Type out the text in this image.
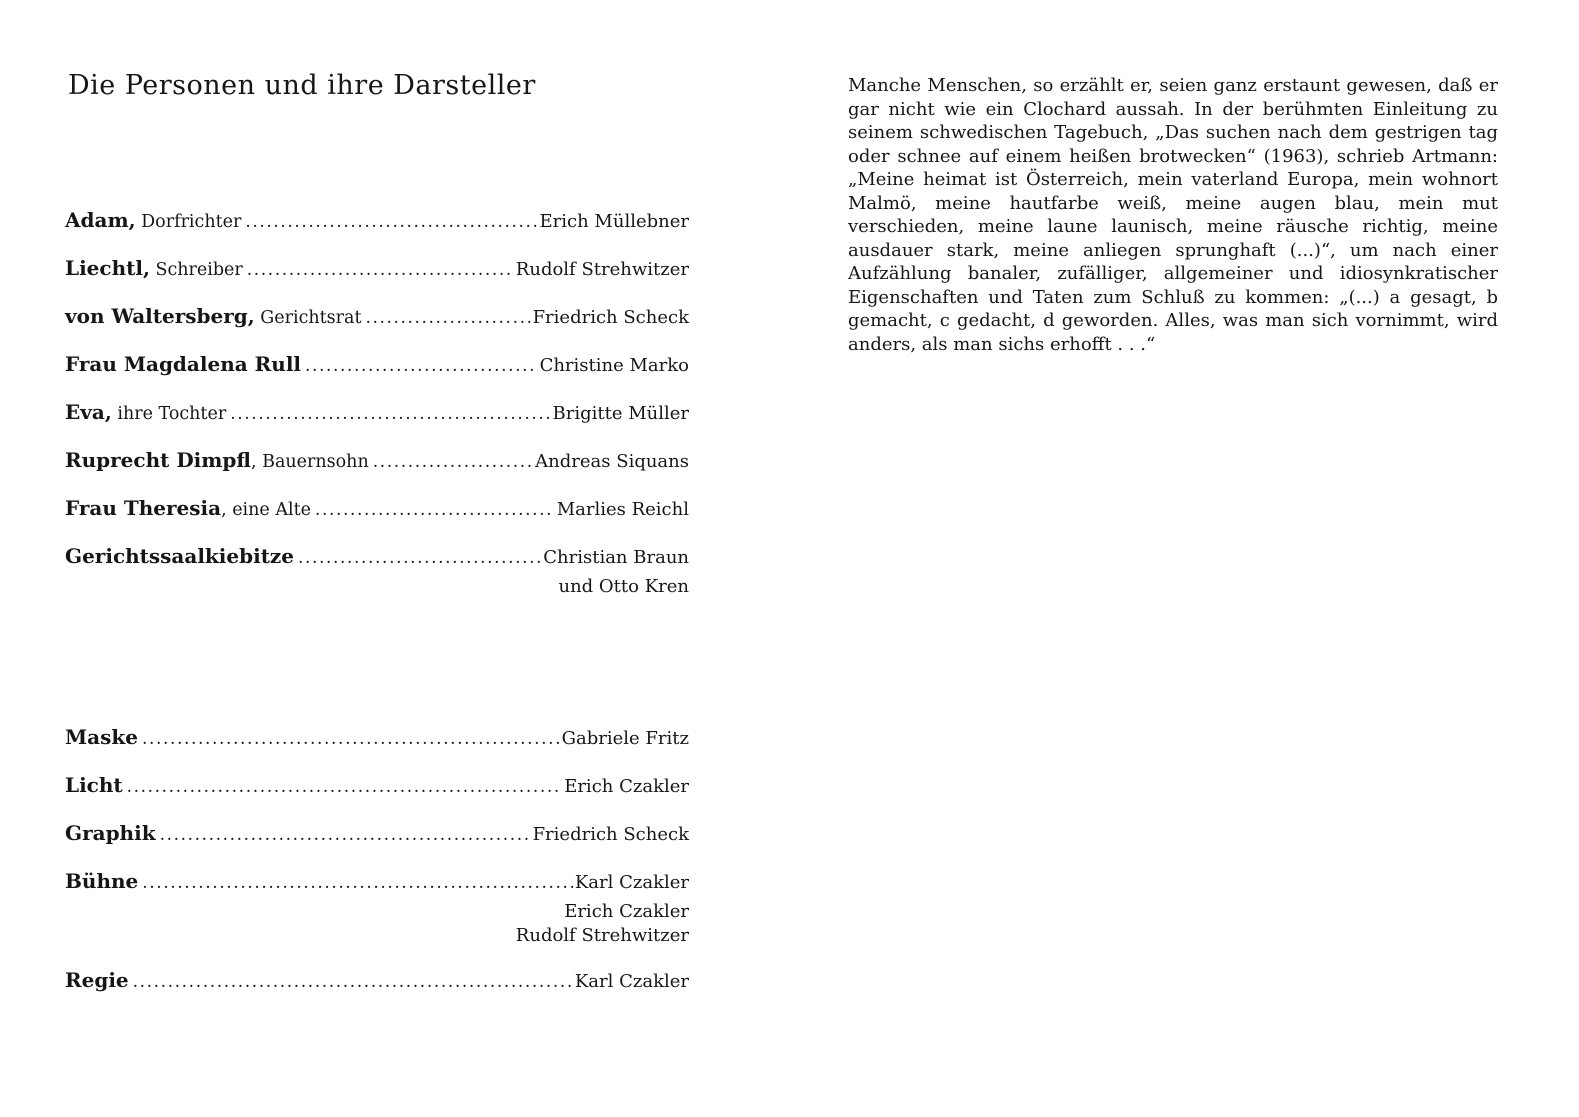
Die Personen und ihre Darsteller
Adam, Dorfrichter .....	Erich Müllebner
Liechtl, Schreiber .....	Rudolf Strehwitzer
von Waltersberg, Gerichtsrat .....	Friedrich Scheck
Frau Magdalena Rull .....	Christine Marko
Eva, ihre Tochter .....	Brigitte Müller
Ruprecht Dimpfl , Bauernsohn .....	Andreas Siquans
Frau Theresia , eine Alte .....	Marlies Reichl
Gerichtssaalkiebitze .....	Christian Braun
und Otto Kren
Maske .....	Gabriele Fritz
Licht .....	Erich Czakler
Graphik .....	Friedrich Scheck
Bühne .....	Karl Czakler
Erich Czakler
Rudolf Strehwitzer
Regie .....	Karl Czakler
Manche Menschen, so erzählt er, seien ganz erstaunt gewesen, daß er
gar nicht wie ein Clochard aussah. In der berühmten Einleitung zu
seinem schwedischen Tagebuch, „Das suchen nach dem gestrigen tag
oder schnee auf einem heißen brotwecken“ (1963), schrieb Artmann:
„Meine heimat ist Österreich, mein vaterland Europa, mein wohnort
Malmö, meine hautfarbe weiß, meine augen blau, mein mut
verschieden, meine laune launisch, meine räusche richtig, meine
ausdauer stark, meine anliegen sprunghaft (...)“, um nach einer
Aufzählung banaler, zufälliger, allgemeiner und idiosynkratischer
Eigenschaften und Taten zum Schluß zu kommen: „(...) a gesagt, b
gemacht, c gedacht, d geworden. Alles, was man sich vornimmt, wird
anders, als man sichs erhofft . . .“
